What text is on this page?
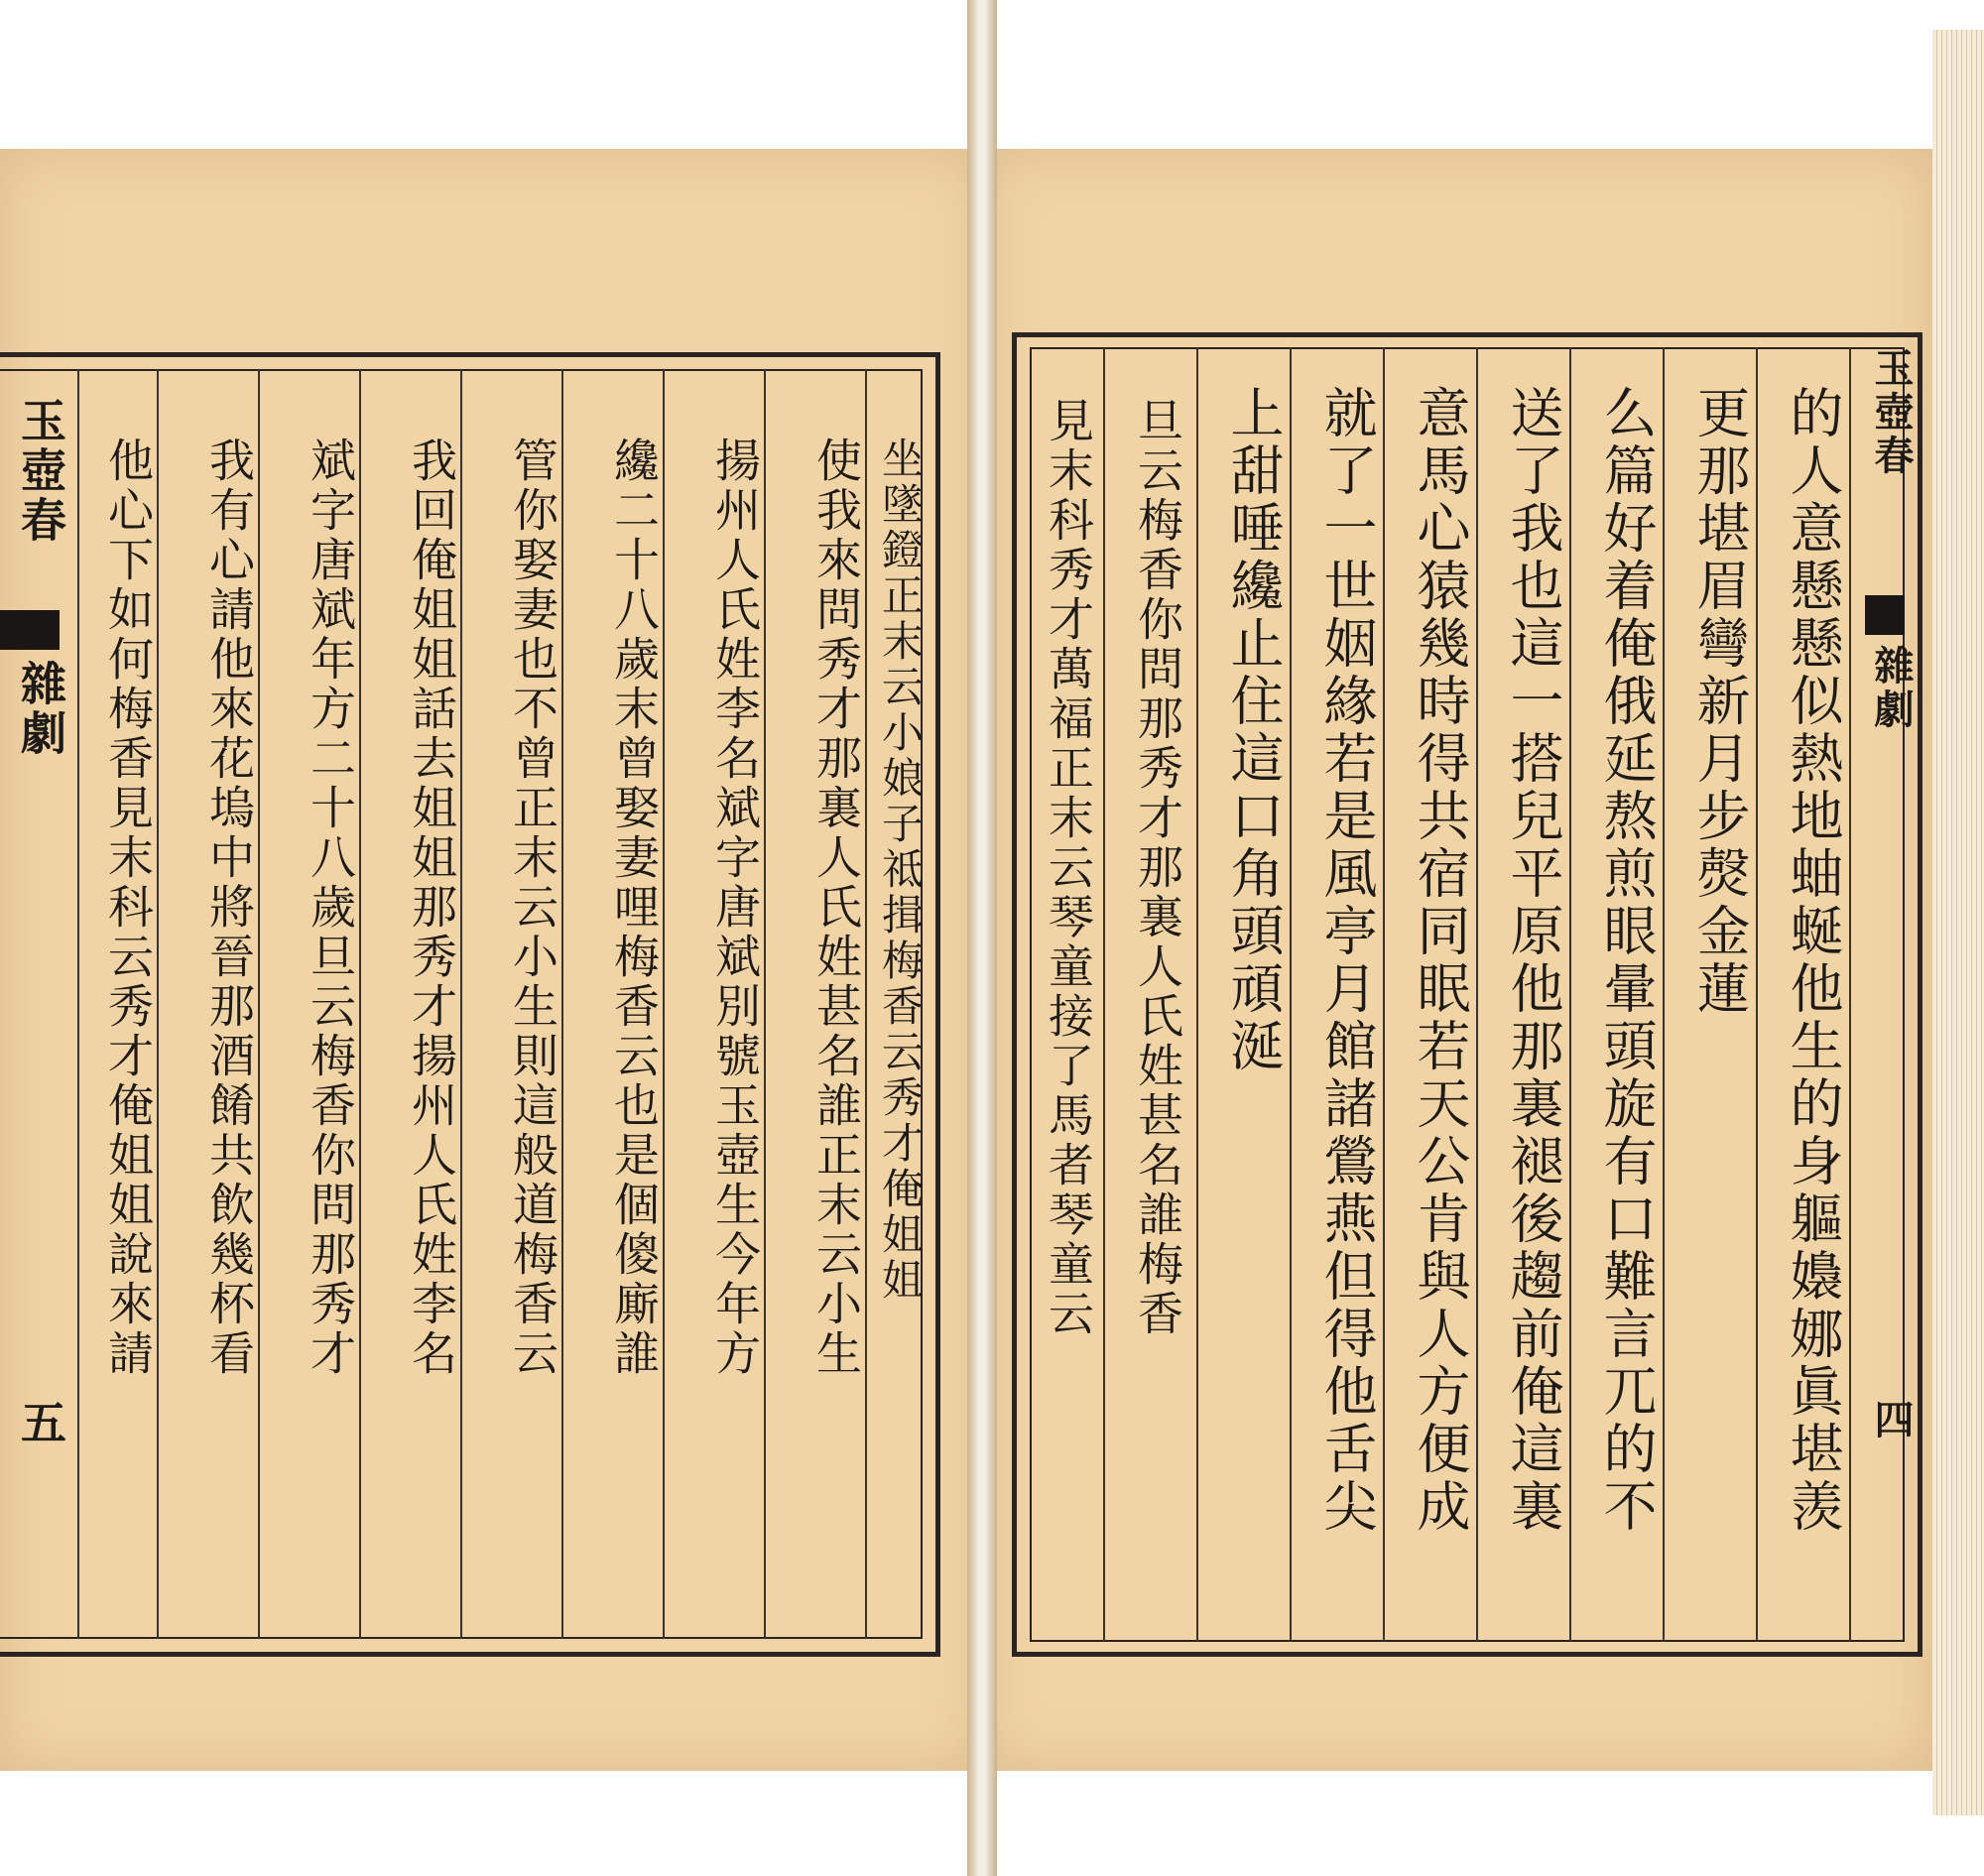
玉壺春
雜劇
五
他心下如何梅香見末科云秀才俺姐姐說來請 我有心請他來花塢中將晉那酒餚共飲幾杯看 斌字唐斌年方二十八歲旦云梅香你問那秀才 我回俺姐姐話去姐姐那秀才揚州人氏姓李名 管你娶妻也不曾正末云小生則這般道梅香云 纔二十八歲末曾娶妻哩梅香云也是個傻廝誰 揚州人氏姓李名斌字唐斌別號玉壺生今年方 使我來問秀才那裏人氏姓甚名誰正末云小生 坐墜鐙正末云小娘子祗揖梅香云秀才俺姐姐	的人意懸懸似熱地蚰蜒他生的身軀嬝娜眞堪羡
更那堪眉彎新月步㷫金蓮
么篇好着俺俄延熬煎眼暈頭旋有口難言兀的不
送了我也這一搭兒平原他那裏褪後趨前俺這裏
意馬心猿幾時得共宿同眠若天公肯與人方便成
就了一世姻緣若是風亭月館諸鶯燕但得他舌尖
上甜唾纔止住這口角頭頑涎
旦云梅香你問那秀才那裏人氏姓甚名誰梅香
見末科秀才萬福正末云琴童接了馬者琴童云	玉壺春
雜劇
四
